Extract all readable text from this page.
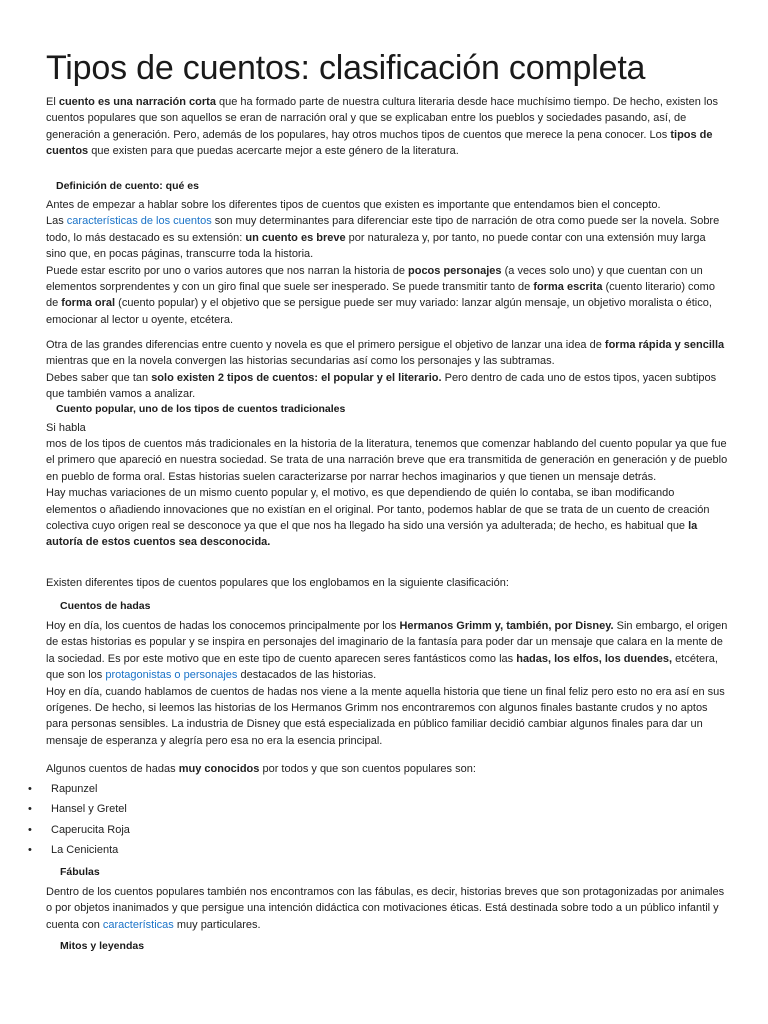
Tipos de cuentos: clasificación completa

El cuento es una narración corta que ha formado parte de nuestra cultura literaria desde hace muchísimo tiempo. De hecho, existen los cuentos populares que son aquellos se eran de narración oral y que se explicaban entre los pueblos y sociedades pasando, así, de generación a generación. Pero, además de los populares, hay otros muchos tipos de cuentos que merece la pena conocer. Los tipos de cuentos que existen para que puedas acercarte mejor a este género de la literatura.

Definición de cuento: qué es

Antes de empezar a hablar sobre los diferentes tipos de cuentos que existen es importante que entendamos bien el concepto.
Las características de los cuentos son muy determinantes para diferenciar este tipo de narración de otra como puede ser la novela. Sobre todo, lo más destacado es su extensión: un cuento es breve por naturaleza y, por tanto, no puede contar con una extensión muy larga sino que, en pocas páginas, transcurre toda la historia.
Puede estar escrito por uno o varios autores que nos narran la historia de pocos personajes (a veces solo uno) y que cuentan con un elementos sorprendentes y con un giro final que suele ser inesperado. Se puede transmitir tanto de forma escrita (cuento literario) como de forma oral (cuento popular) y el objetivo que se persigue puede ser muy variado: lanzar algún mensaje, un objetivo moralista o ético, emocionar al lector u oyente, etcétera.

Otra de las grandes diferencias entre cuento y novela es que el primero persigue el objetivo de lanzar una idea de forma rápida y sencilla mientras que en la novela convergen las historias secundarias así como los personajes y las subtramas.
Debes saber que tan solo existen 2 tipos de cuentos: el popular y el literario. Pero dentro de cada uno de estos tipos, yacen subtipos que también vamos a analizar.

Cuento popular, uno de los tipos de cuentos tradicionales

Si habla

mos de los tipos de cuentos más tradicionales en la historia de la literatura, tenemos que comenzar hablando del cuento popular ya que fue el primero que apareció en nuestra sociedad. Se trata de una narración breve que era transmitida de generación en generación y de pueblo en pueblo de forma oral. Estas historias suelen caracterizarse por narrar hechos imaginarios y que tienen un mensaje detrás.
Hay muchas variaciones de un mismo cuento popular y, el motivo, es que dependiendo de quién lo contaba, se iban modificando elementos o añadiendo innovaciones que no existían en el original. Por tanto, podemos hablar de que se trata de un cuento de creación colectiva cuyo origen real se desconoce ya que el que nos ha llegado ha sido una versión ya adulterada; de hecho, es habitual que la autoría de estos cuentos sea desconocida.

Existen diferentes tipos de cuentos populares que los englobamos en la siguiente clasificación:

Cuentos de hadas

Hoy en día, los cuentos de hadas los conocemos principalmente por los Hermanos Grimm y, también, por Disney. Sin embargo, el origen de estas historias es popular y se inspira en personajes del imaginario de la fantasía para poder dar un mensaje que calara en la mente de la sociedad. Es por este motivo que en este tipo de cuento aparecen seres fantásticos como las hadas, los elfos, los duendes, etcétera, que son los protagonistas o personajes destacados de las historias.
Hoy en día, cuando hablamos de cuentos de hadas nos viene a la mente aquella historia que tiene un final feliz pero esto no era así en sus orígenes. De hecho, si leemos las historias de los Hermanos Grimm nos encontraremos con algunos finales bastante crudos y no aptos para personas sensibles. La industria de Disney que está especializada en público familiar decidió cambiar algunos finales para dar un mensaje de esperanza y alegría pero esa no era la esencia principal.

Algunos cuentos de hadas muy conocidos por todos y que son cuentos populares son:

•	Rapunzel
•	Hansel y Gretel
•	Caperucita Roja
•	La Cenicienta
Fábulas

Dentro de los cuentos populares también nos encontramos con las fábulas, es decir, historias breves que son protagonizadas por animales o por objetos inanimados y que persigue una intención didáctica con motivaciones éticas. Está destinada sobre todo a un público infantil y cuenta con características muy particulares.

Mitos y leyendas
